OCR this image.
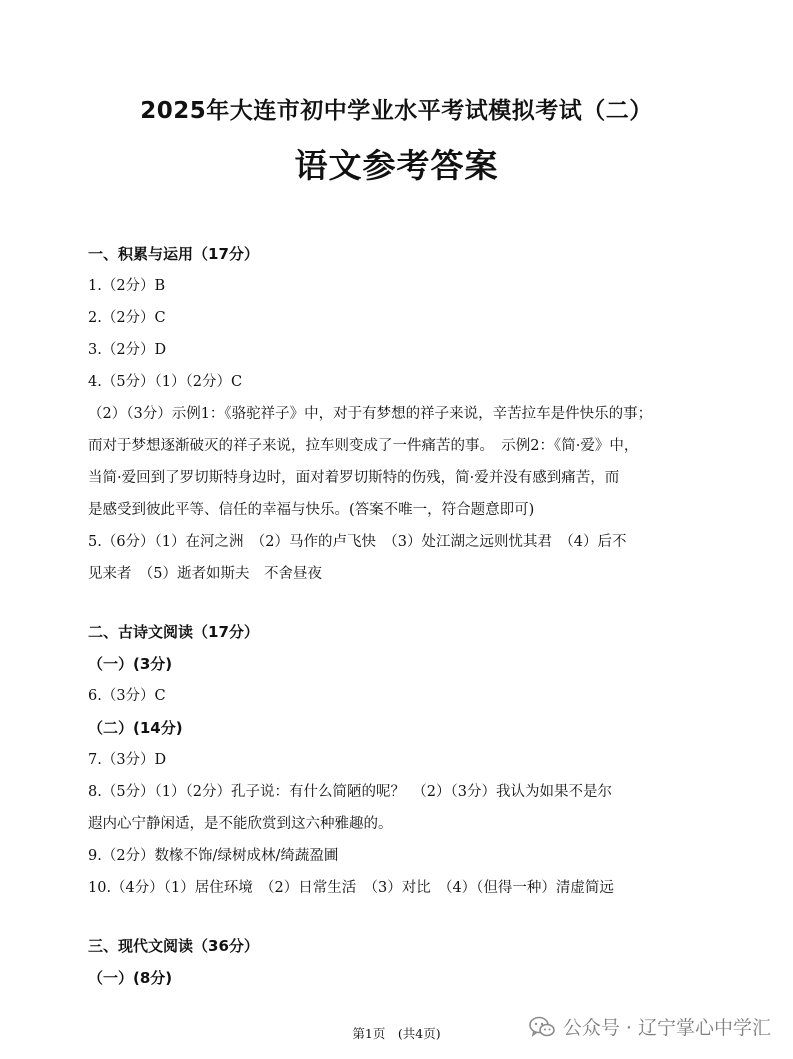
2025年大连市初中学业水平考试模拟考试（二）
语文参考答案
一、积累与运用（17分）
1.（2分）B
2.（2分）C
3.（2分）D
4.（5分）（1）（2分）C
（2）（3分）示例1：《骆驼祥子》中，对于有梦想的祥子来说，辛苦拉车是件快乐的事；
而对于梦想逐渐破灭的祥子来说，拉车则变成了一件痛苦的事。　示例2：《简·爱》中，
当简·爱回到了罗切斯特身边时，面对着罗切斯特的伤残，简·爱并没有感到痛苦，而
是感受到彼此平等、信任的幸福与快乐。(答案不唯一，符合题意即可)
5.（6分）（1）在河之洲　（2）马作的卢飞快　（3）处江湖之远则忧其君　（4）后不
见来者　（5）逝者如斯夫　不舍昼夜
二、古诗文阅读（17分）
（一）(3分)
6.（3分）C
（二）(14分)
7.（3分）D
8.（5分）（1）（2分）孔子说：有什么简陋的呢？　（2）（3分）我认为如果不是尔
遐内心宁静闲适，是不能欣赏到这六种雅趣的。
9.（2分）数椽不饰/绿树成林/绮蔬盈圃
10.（4分）（1）居住环境　（2）日常生活　（3）对比　（4）（但得一种）清虚简远
三、现代文阅读（36分）
（一）(8分)
第1页　(共4页)	公众号 · 辽宁掌心中学汇
